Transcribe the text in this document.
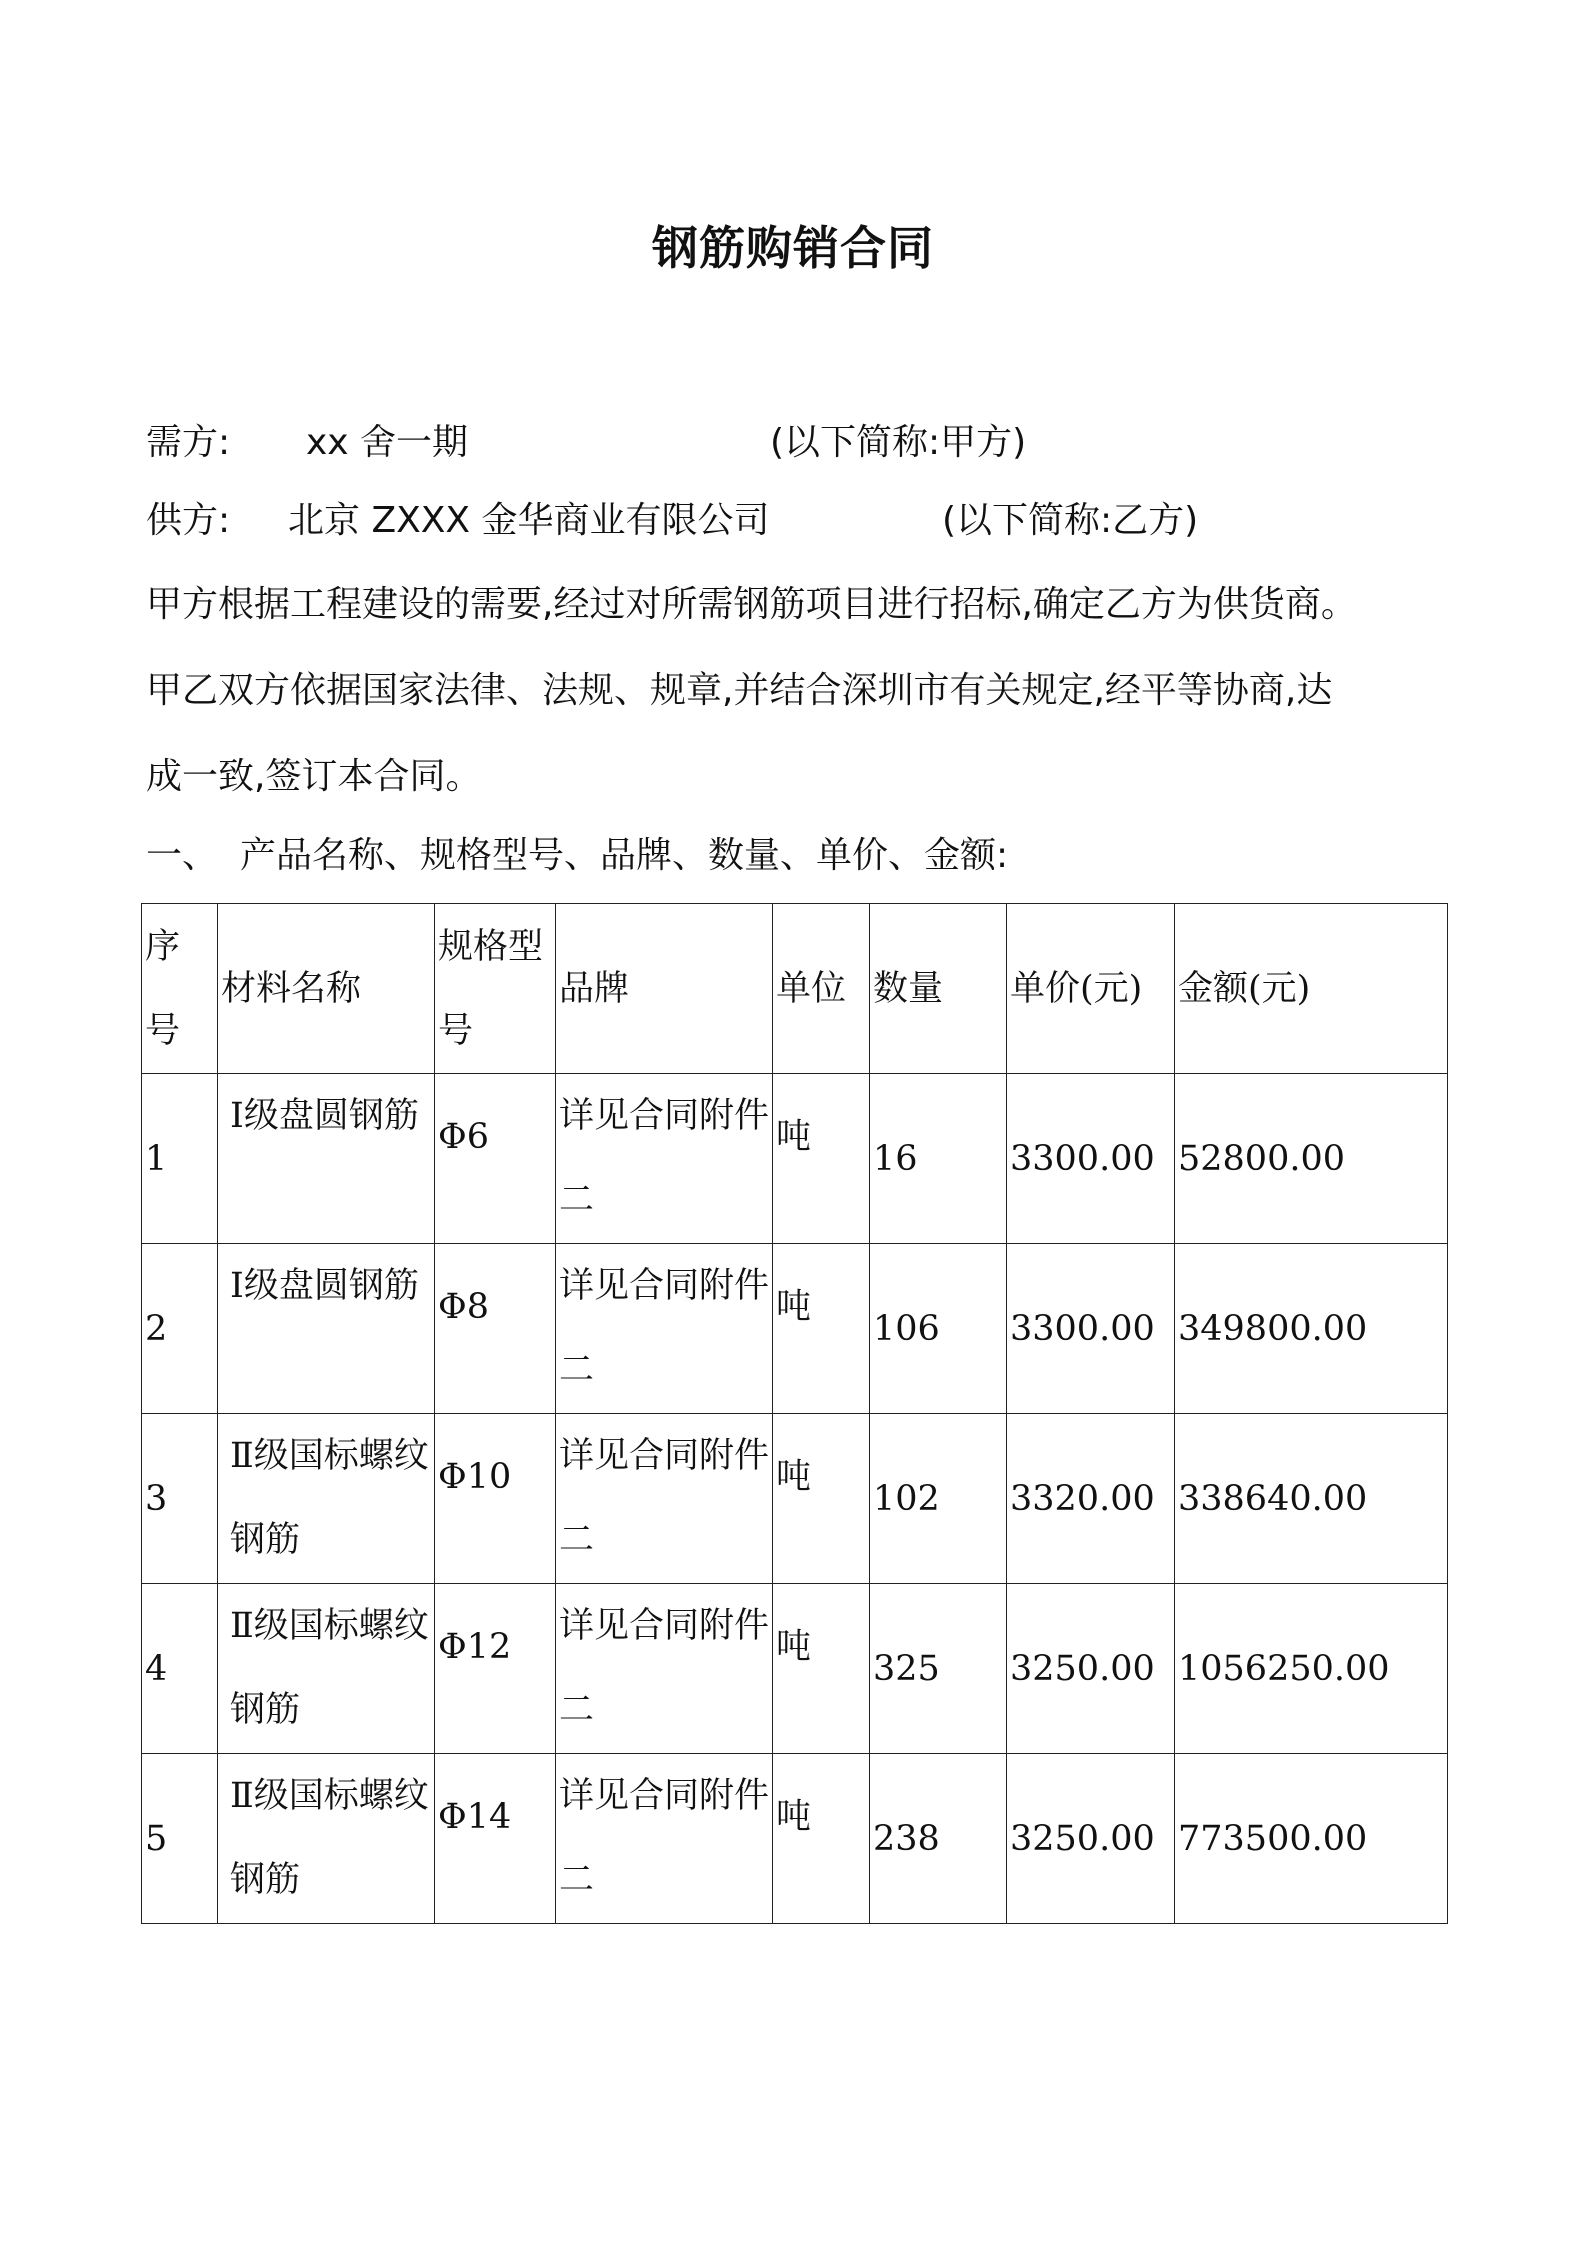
钢筋购销合同
需方: xx 舍一期	(以下简称:甲方)
供方: 北京 ZXXX 金华商业有限公司	(以下简称:乙方)
甲方根据工程建设的需要,经过对所需钢筋项目进行招标,确定乙方为供货商。
甲乙双方依据国家法律、法规、规章,并结合深圳市有关规定,经平等协商,达
成一致,签订本合同。
一、 产品名称、规格型号、品牌、数量、单价、金额:
序号	材料名称	规格型号	品牌	单位	数量	单价(元)	金额(元)
1	Ⅰ级盘圆钢筋	Φ6	详见合同附件二	吨	16	3300.00	52800.00
2	Ⅰ级盘圆钢筋	Φ8	详见合同附件二	吨	106	3300.00	349800.00
3	Ⅱ级国标螺纹钢筋	Φ10	详见合同附件二	吨	102	3320.00	338640.00
4	Ⅱ级国标螺纹钢筋	Φ12	详见合同附件二	吨	325	3250.00	1056250.00
5	Ⅱ级国标螺纹钢筋	Φ14	详见合同附件二	吨	238	3250.00	773500.00
